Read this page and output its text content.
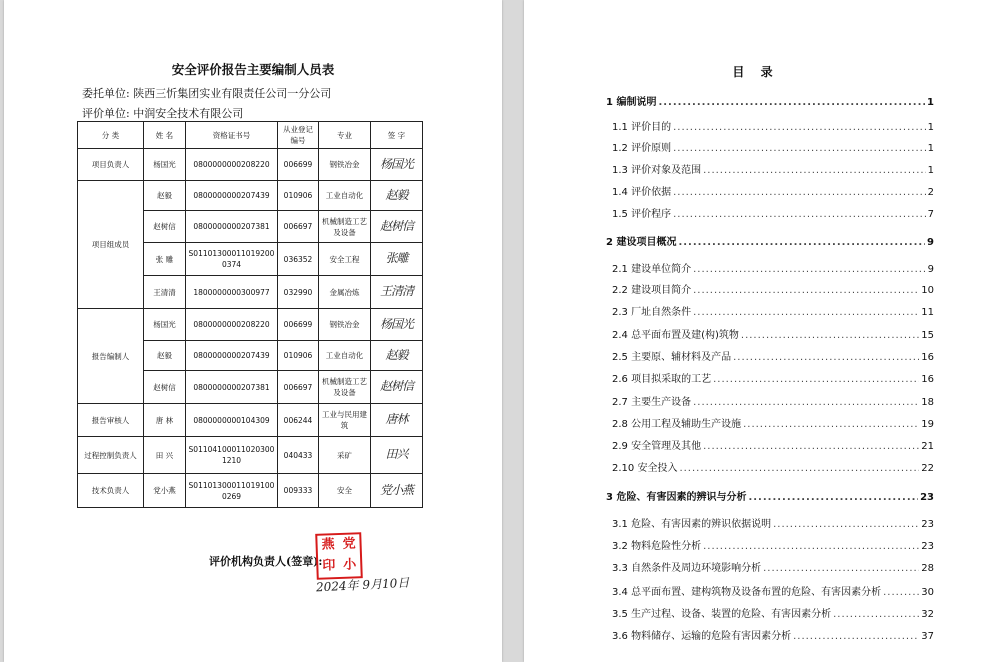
安全评价报告主要编制人员表
委托单位: 陕西三忻集团实业有限责任公司一分公司
评价单位: 中润安全技术有限公司
分 类	姓 名	资格证书号	从业登记编号	专业	签 字
项目负责人	杨国光	0800000000208220	006699	钢铁冶金	杨国光
项目组成员	赵毅	0800000000207439	010906	工业自动化	赵毅
	赵树信	0800000000207381	006697	机械制造工艺及设备	赵树信
	张 雕	S011013000110192000374	036352	安全工程	张雕
	王清清	1800000000300977	032990	金属冶炼	王清清
报告编制人	杨国光	0800000000208220	006699	钢铁冶金	杨国光
	赵毅	0800000000207439	010906	工业自动化	赵毅
	赵树信	0800000000207381	006697	机械制造工艺及设备	赵树信
报告审核人	唐 林	0800000000104309	006244	工业与民用建筑	唐林
过程控制负责人	田 兴	S011041000110203001210	040433	采矿	田兴
技术负责人	党小燕	S011013000110191000269	009333	安全	党小燕
评价机构负责人(签章):
燕 党
印 小
2024年 9月10日
目 录
1 编制说明 .....	1
1.1 评价目的 .....	1
1.2 评价原则 .....	1
1.3 评价对象及范围 .....	1
1.4 评价依据 .....	2
1.5 评价程序 .....	7
2 建设项目概况 .....	9
2.1 建设单位简介 .....	9
2.2 建设项目简介 .....	10
2.3 厂址自然条件 .....	11
2.4 总平面布置及建(构)筑物 .....	15
2.5 主要原、辅材料及产品 .....	16
2.6 项目拟采取的工艺 .....	16
2.7 主要生产设备 .....	18
2.8 公用工程及辅助生产设施 .....	19
2.9 安全管理及其他 .....	21
2.10 安全投入 .....	22
3 危险、有害因素的辨识与分析 .....	23
3.1 危险、有害因素的辨识依据说明 .....	23
3.2 物料危险性分析 .....	23
3.3 自然条件及周边环境影响分析 .....	28
3.4 总平面布置、建构筑物及设备布置的危险、有害因素分析 .....	30
3.5 生产过程、设备、装置的危险、有害因素分析 .....	32
3.6 物料储存、运输的危险有害因素分析 .....	37
